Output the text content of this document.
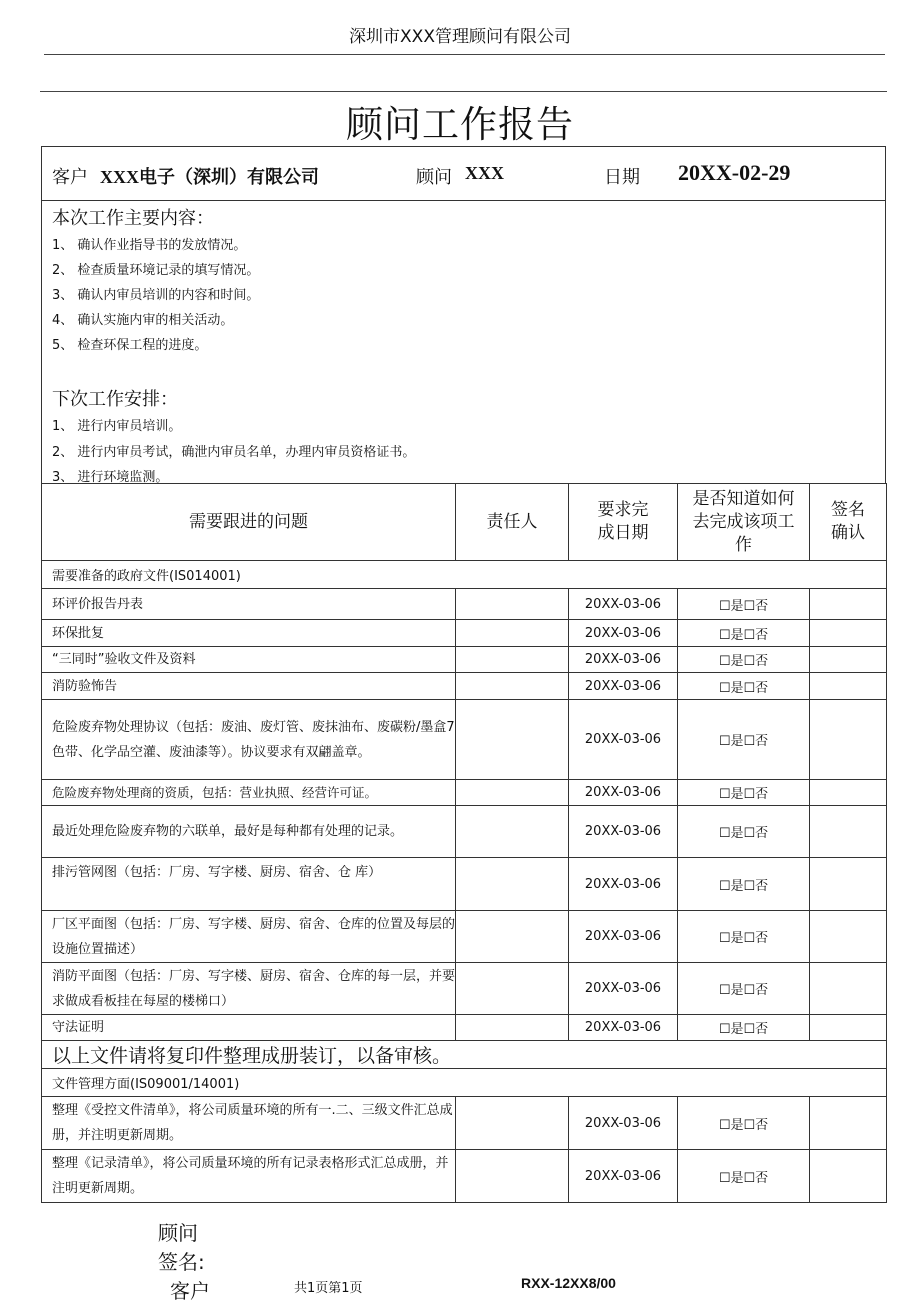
深圳市XXX管理顾问有限公司
顾问工作报告
客户 XXX电子（深圳）有限公司	顾问 XXX	日期 20XX-02-29
本次工作主要内容：
1、 确认作业指导书的发放情况。
2、 检查质量环境记录的填写情况。
3、 确认内审员培训的内容和时间。
4、 确认实施内审的相关活动。
5、 检查环保工程的进度。
下次工作安排：
1、 进行内审员培训。
2、 进行内审员考试，确泄内审员名单，办理内审员资格证书。
3、 进行环境监测。
需要跟进的问题	责任人	要求完成日期	是否知道如何去完成该项工作	签名确认
需要准备的政府文件(IS014001)				
环评价报告丹表		20XX-03-06	☐是☐否	
环保批复		20XX-03-06	☐是☐否	
“三同时”验收文件及资料		20XX-03-06	☐是☐否	
消防验怖告		20XX-03-06	☐是☐否	
危险废弃物处理协议（包括：废油、废灯管、废抹油布、废碳粉/墨盒7色带、化学品空灌、废油漆等）。协议要求有双翩盖章。		20XX-03-06	☐是☐否	
危险废弃物处理商的资质，包括：营业执照、经营许可证。		20XX-03-06	☐是☐否	
最近处理危险废弃物的六联单，最好是每种都有处理的记录。		20XX-03-06	☐是☐否	
排污管网图（包括：厂房、写字楼、厨房、宿舍、仓 库）		20XX-03-06	☐是☐否	
厂区平面图（包括：厂房、写字楼、厨房、宿舍、仓库的位置及每层的设施位置描述）		20XX-03-06	☐是☐否	
消防平面图（包括：厂房、写字楼、厨房、宿舍、仓库的每一层，并要求做成看板挂在每屋的楼梯口）		20XX-03-06	☐是☐否	
守法证明		20XX-03-06	☐是☐否	
以上文件请将复印件整理成册装订，以备审核。				
文件管理方面(IS09001/14001)				
整理《受控文件清单》，将公司质量环境的所有一.二、三级文件汇总成册，并注明更新周期。		20XX-03-06	☐是☐否	
整理《记录清单》，将公司质量环境的所有记录表格形式汇总成册，并注明更新周期。		20XX-03-06	☐是☐否	
顾问
签名:
客户	共1页第1页	RXX-12XX8/00
